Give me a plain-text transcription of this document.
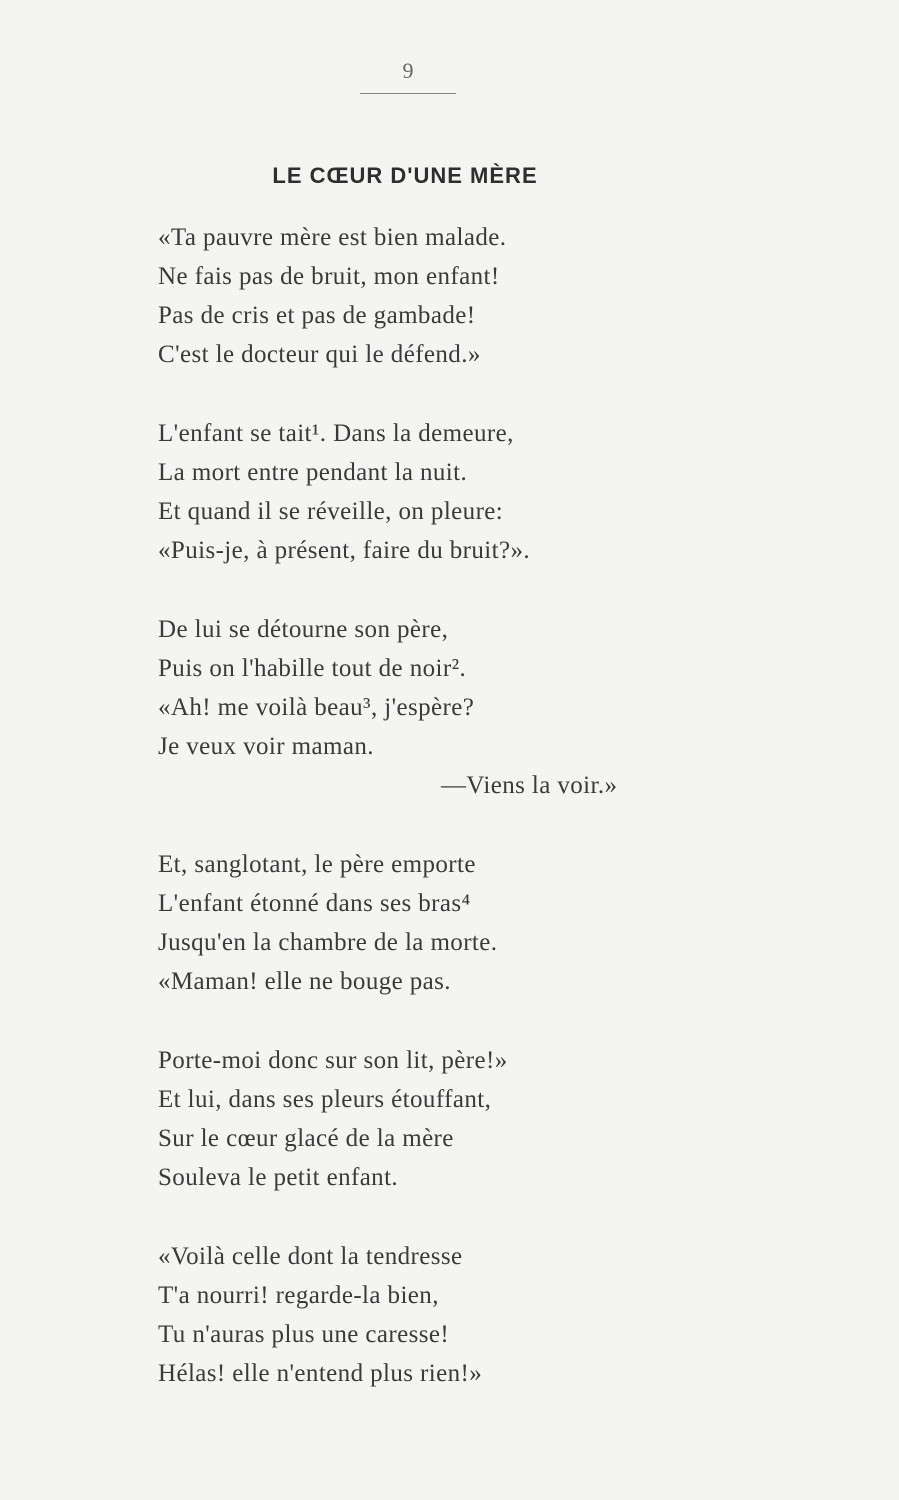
9
LE CŒUR D'UNE MÈRE
«Ta pauvre mère est bien malade.
Ne fais pas de bruit, mon enfant!
Pas de cris et pas de gambade!
C'est le docteur qui le défend.»
L'enfant se tait¹. Dans la demeure,
La mort entre pendant la nuit.
Et quand il se réveille, on pleure:
«Puis-je, à présent, faire du bruit?».
De lui se détourne son père,
Puis on l'habille tout de noir².
«Ah! me voilà beau³, j'espère?
Je veux voir maman.
—Viens la voir.»
Et, sanglotant, le père emporte
L'enfant étonné dans ses bras⁴
Jusqu'en la chambre de la morte.
«Maman! elle ne bouge pas.
Porte-moi donc sur son lit, père!»
Et lui, dans ses pleurs étouffant,
Sur le cœur glacé de la mère
Souleva le petit enfant.
«Voilà celle dont la tendresse
T'a nourri! regarde-la bien,
Tu n'auras plus une caresse!
Hélas! elle n'entend plus rien!»
